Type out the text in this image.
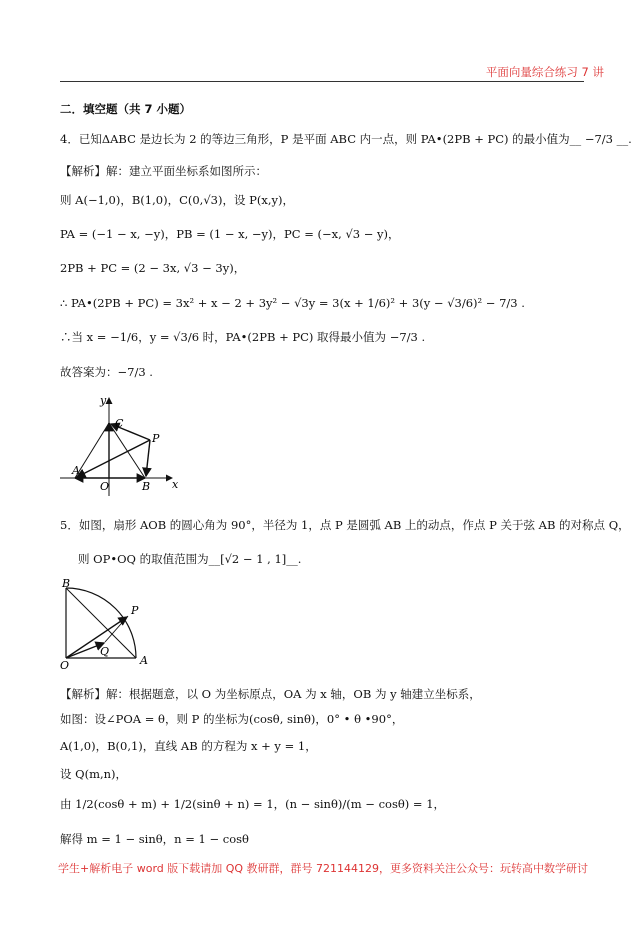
平面向量综合练习 7 讲
二．填空题（共 7 小题）
4．已知ΔABC 是边长为 2 的等边三角形，P 是平面 ABC 内一点，则 PA•(2PB + PC) 的最小值为__ −7/3 __.
【解析】解：建立平面坐标系如图所示：
则 A(−1,0)，B(1,0)，C(0,√3)，设 P(x,y)，
PA = (−1 − x, −y)，PB = (1 − x, −y)，PC = (−x, √3 − y)，
2PB + PC = (2 − 3x, √3 − 3y)，
∴ PA•(2PB + PC) = 3x² + x − 2 + 3y² − √3y = 3(x + 1/6)² + 3(y − √3/6)² − 7/3 .
∴当 x = −1/6，y = √3/6 时，PA•(2PB + PC) 取得最小值为 −7/3 .
故答案为：−7/3 .
y
x
C
P
A
O	B
5．如图，扇形 AOB 的圆心角为 90°，半径为 1，点 P 是圆弧 AB 上的动点，作点 P 关于弦 AB 的对称点 Q，
则 OP•OQ 的取值范围为__[√2 − 1 , 1]__.
B
P
Q
O	A
【解析】解：根据题意，以 O 为坐标原点，OA 为 x 轴，OB 为 y 轴建立坐标系，
如图：设∠POA = θ，则 P 的坐标为(cosθ, sinθ)，0° • θ •90°，
A(1,0)，B(0,1)，直线 AB 的方程为 x + y = 1，
设 Q(m,n)，
由 1/2(cosθ + m) + 1/2(sinθ + n) = 1，(n − sinθ)/(m − cosθ) = 1，
解得 m = 1 − sinθ，n = 1 − cosθ
学生+解析电子 word 版下载请加 QQ 教研群，群号 721144129，更多资料关注公众号：玩转高中数学研讨
